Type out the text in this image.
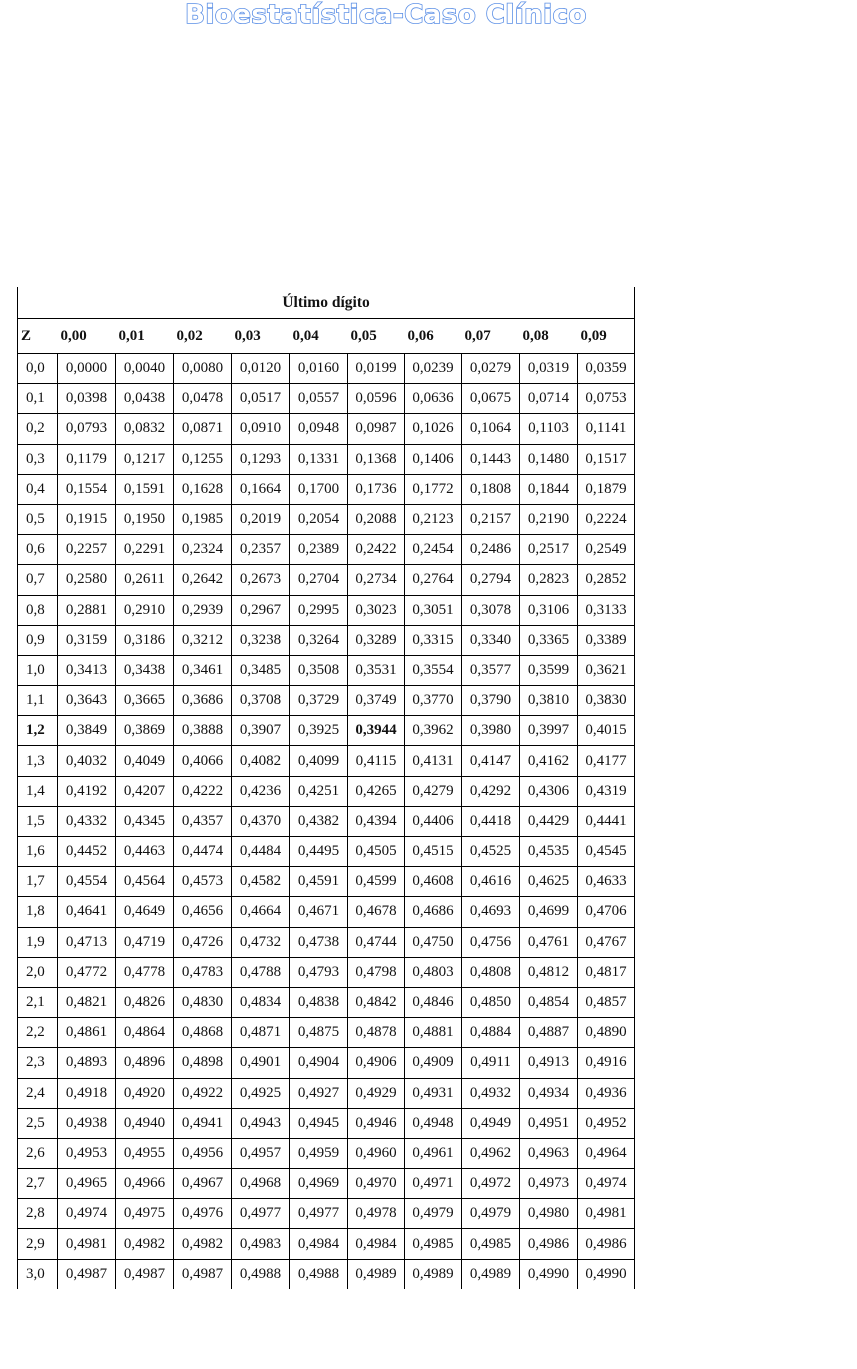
Bioestatística-Caso Clínico
Último dígito										
Z	0,00	0,01	0,02	0,03	0,04	0,05	0,06	0,07	0,08	0,09
0,0	0,0000	0,0040	0,0080	0,0120	0,0160	0,0199	0,0239	0,0279	0,0319	0,0359
0,1	0,0398	0,0438	0,0478	0,0517	0,0557	0,0596	0,0636	0,0675	0,0714	0,0753
0,2	0,0793	0,0832	0,0871	0,0910	0,0948	0,0987	0,1026	0,1064	0,1103	0,1141
0,3	0,1179	0,1217	0,1255	0,1293	0,1331	0,1368	0,1406	0,1443	0,1480	0,1517
0,4	0,1554	0,1591	0,1628	0,1664	0,1700	0,1736	0,1772	0,1808	0,1844	0,1879
0,5	0,1915	0,1950	0,1985	0,2019	0,2054	0,2088	0,2123	0,2157	0,2190	0,2224
0,6	0,2257	0,2291	0,2324	0,2357	0,2389	0,2422	0,2454	0,2486	0,2517	0,2549
0,7	0,2580	0,2611	0,2642	0,2673	0,2704	0,2734	0,2764	0,2794	0,2823	0,2852
0,8	0,2881	0,2910	0,2939	0,2967	0,2995	0,3023	0,3051	0,3078	0,3106	0,3133
0,9	0,3159	0,3186	0,3212	0,3238	0,3264	0,3289	0,3315	0,3340	0,3365	0,3389
1,0	0,3413	0,3438	0,3461	0,3485	0,3508	0,3531	0,3554	0,3577	0,3599	0,3621
1,1	0,3643	0,3665	0,3686	0,3708	0,3729	0,3749	0,3770	0,3790	0,3810	0,3830
1,2	0,3849	0,3869	0,3888	0,3907	0,3925	0,3944	0,3962	0,3980	0,3997	0,4015
1,3	0,4032	0,4049	0,4066	0,4082	0,4099	0,4115	0,4131	0,4147	0,4162	0,4177
1,4	0,4192	0,4207	0,4222	0,4236	0,4251	0,4265	0,4279	0,4292	0,4306	0,4319
1,5	0,4332	0,4345	0,4357	0,4370	0,4382	0,4394	0,4406	0,4418	0,4429	0,4441
1,6	0,4452	0,4463	0,4474	0,4484	0,4495	0,4505	0,4515	0,4525	0,4535	0,4545
1,7	0,4554	0,4564	0,4573	0,4582	0,4591	0,4599	0,4608	0,4616	0,4625	0,4633
1,8	0,4641	0,4649	0,4656	0,4664	0,4671	0,4678	0,4686	0,4693	0,4699	0,4706
1,9	0,4713	0,4719	0,4726	0,4732	0,4738	0,4744	0,4750	0,4756	0,4761	0,4767
2,0	0,4772	0,4778	0,4783	0,4788	0,4793	0,4798	0,4803	0,4808	0,4812	0,4817
2,1	0,4821	0,4826	0,4830	0,4834	0,4838	0,4842	0,4846	0,4850	0,4854	0,4857
2,2	0,4861	0,4864	0,4868	0,4871	0,4875	0,4878	0,4881	0,4884	0,4887	0,4890
2,3	0,4893	0,4896	0,4898	0,4901	0,4904	0,4906	0,4909	0,4911	0,4913	0,4916
2,4	0,4918	0,4920	0,4922	0,4925	0,4927	0,4929	0,4931	0,4932	0,4934	0,4936
2,5	0,4938	0,4940	0,4941	0,4943	0,4945	0,4946	0,4948	0,4949	0,4951	0,4952
2,6	0,4953	0,4955	0,4956	0,4957	0,4959	0,4960	0,4961	0,4962	0,4963	0,4964
2,7	0,4965	0,4966	0,4967	0,4968	0,4969	0,4970	0,4971	0,4972	0,4973	0,4974
2,8	0,4974	0,4975	0,4976	0,4977	0,4977	0,4978	0,4979	0,4979	0,4980	0,4981
2,9	0,4981	0,4982	0,4982	0,4983	0,4984	0,4984	0,4985	0,4985	0,4986	0,4986
3,0	0,4987	0,4987	0,4987	0,4988	0,4988	0,4989	0,4989	0,4989	0,4990	0,4990
